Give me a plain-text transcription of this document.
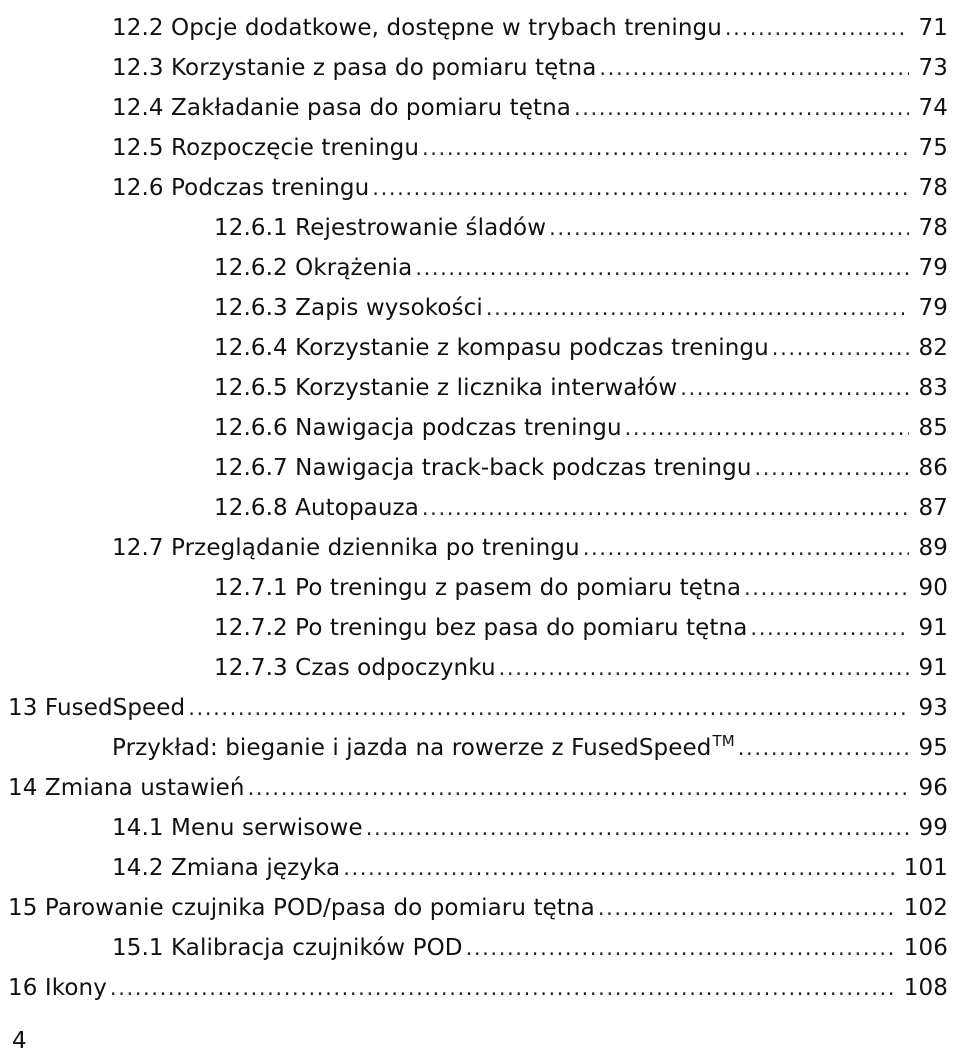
12.2 Opcje dodatkowe, dostępne w trybach treningu .....	71
12.3 Korzystanie z pasa do pomiaru tętna .....	73
12.4 Zakładanie pasa do pomiaru tętna .....	74
12.5 Rozpoczęcie treningu .....	75
12.6 Podczas treningu .....	78
12.6.1 Rejestrowanie śladów .....	78
12.6.2 Okrążenia .....	79
12.6.3 Zapis wysokości .....	79
12.6.4 Korzystanie z kompasu podczas treningu .....	82
12.6.5 Korzystanie z licznika interwałów .....	83
12.6.6 Nawigacja podczas treningu .....	85
12.6.7 Nawigacja track-back podczas treningu .....	86
12.6.8 Autopauza .....	87
12.7 Przeglądanie dziennika po treningu .....	89
12.7.1 Po treningu z pasem do pomiaru tętna .....	90
12.7.2 Po treningu bez pasa do pomiaru tętna .....	91
12.7.3 Czas odpoczynku .....	91
13 FusedSpeed .....	93
Przykład: bieganie i jazda na rowerze z FusedSpeed™ .....	95
14 Zmiana ustawień .....	96
14.1 Menu serwisowe .....	99
14.2 Zmiana języka .....	101
15 Parowanie czujnika POD/pasa do pomiaru tętna .....	102
15.1 Kalibracja czujników POD .....	106
16 Ikony .....	108
4
